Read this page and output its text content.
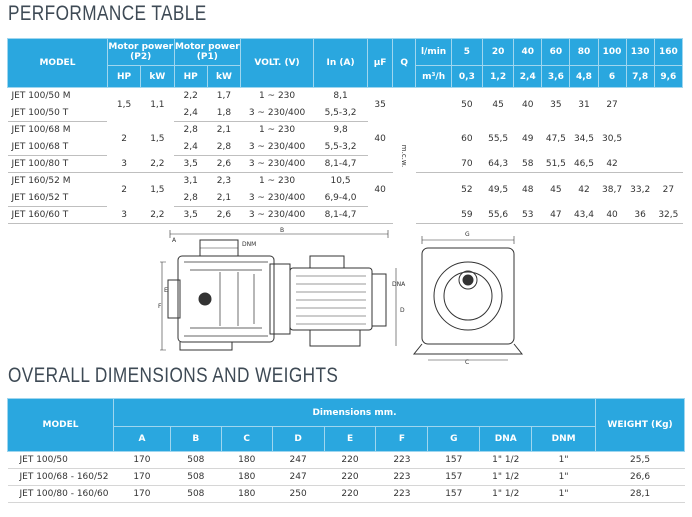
PERFORMANCE TABLE
MODEL	Motor power (P2)		Motor power (P1)		VOLT. (V)	In (A)	µF	Q	l/min	5	20	40	60	80	100	130	160
	HP	kW	HP	kW					m³/h	0,3	1,2	2,4	3,6	4,8	6	7,8	9,6
JET 100/50 M	1,5	1,1	2,2	1,7	1 ~ 230	8,1	35	m.c.w.		50	45	40	35	31	27		
JET 100/50 T			2,4	1,8	3 ~ 230/400	5,5-3,2											
JET 100/68 M	2	1,5	2,8	2,1	1 ~ 230	9,8	40			60	55,5	49	47,5	34,5	30,5		
JET 100/68 T			2,4	2,8	3 ~ 230/400	5,5-3,2											
JET 100/80 T	3	2,2	3,5	2,6	3 ~ 230/400	8,1-4,7				70	64,3	58	51,5	46,5	42		
JET 160/52 M	2	1,5	3,1	2,3	1 ~ 230	10,5	40			52	49,5	48	45	42	38,7	33,2	27
JET 160/52 T			2,8	2,1	3 ~ 230/400	6,9-4,0											
JET 160/60 T	3	2,2	3,5	2,6	3 ~ 230/400	8,1-4,7				59	55,6	53	47	43,4	40	36	32,5
B
DNM
A
E
F
DNA
D
G
C
OVERALL DIMENSIONS AND WEIGHTS
MODEL	Dimensions mm.									WEIGHT (Kg)
	A	B	C	D	E	F	G	DNA	DNM	
JET 100/50	170	508	180	247	220	223	157	1" 1/2	1"	25,5
JET 100/68 - 160/52	170	508	180	247	220	223	157	1" 1/2	1"	26,6
JET 100/80 - 160/60	170	508	180	250	220	223	157	1" 1/2	1"	28,1
